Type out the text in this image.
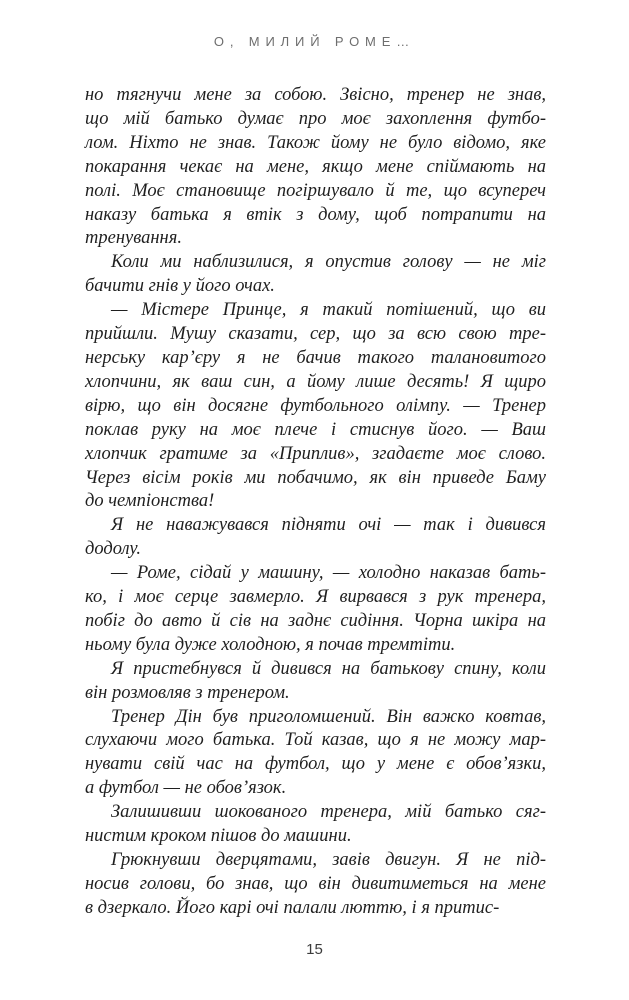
О, МИЛИЙ РОМЕ…
но тягнучи мене за собою. Звісно, тренер не знав,
що мій батько думає про моє захоплення футбо-
лом. Ніхто не знав. Також йому не було відомо, яке
покарання чекає на мене, якщо мене спіймають на
полі. Моє становище погіршувало й те, що всупереч
наказу батька я втік з дому, щоб потрапити на
тренування.
Коли ми наблизилися, я опустив голову — не міг
бачити гнів у його очах.
— Містере Принце, я такий потішений, що ви
прийшли. Мушу сказати, сер, що за всю свою тре-
нерську кар’єру я не бачив такого талановитого
хлопчини, як ваш син, а йому лише десять! Я щиро
вірю, що він досягне футбольного олімпу. — Тренер
поклав руку на моє плече і стиснув його. — Ваш
хлопчик гратиме за «Приплив», згадаєте моє слово.
Через вісім років ми побачимо, як він приведе Баму
до чемпіонства!
Я не наважувався підняти очі — так і дивився
додолу.
— Роме, сідай у машину, — холодно наказав бать-
ко, і моє серце завмерло. Я вирвався з рук тренера,
побіг до авто й сів на заднє сидіння. Чорна шкіра на
ньому була дуже холодною, я почав тремтіти.
Я пристебнувся й дивився на батькову спину, коли
він розмовляв з тренером.
Тренер Дін був приголомшений. Він важко ковтав,
слухаючи мого батька. Той казав, що я не можу мар-
нувати свій час на футбол, що у мене є обов’язки,
а футбол — не обов’язок.
Залишивши шокованого тренера, мій батько сяг-
нистим кроком пішов до машини.
Грюкнувши дверцятами, завів двигун. Я не під-
носив голови, бо знав, що він дивитиметься на мене
в дзеркало. Його карі очі палали люттю, і я притис-
15
